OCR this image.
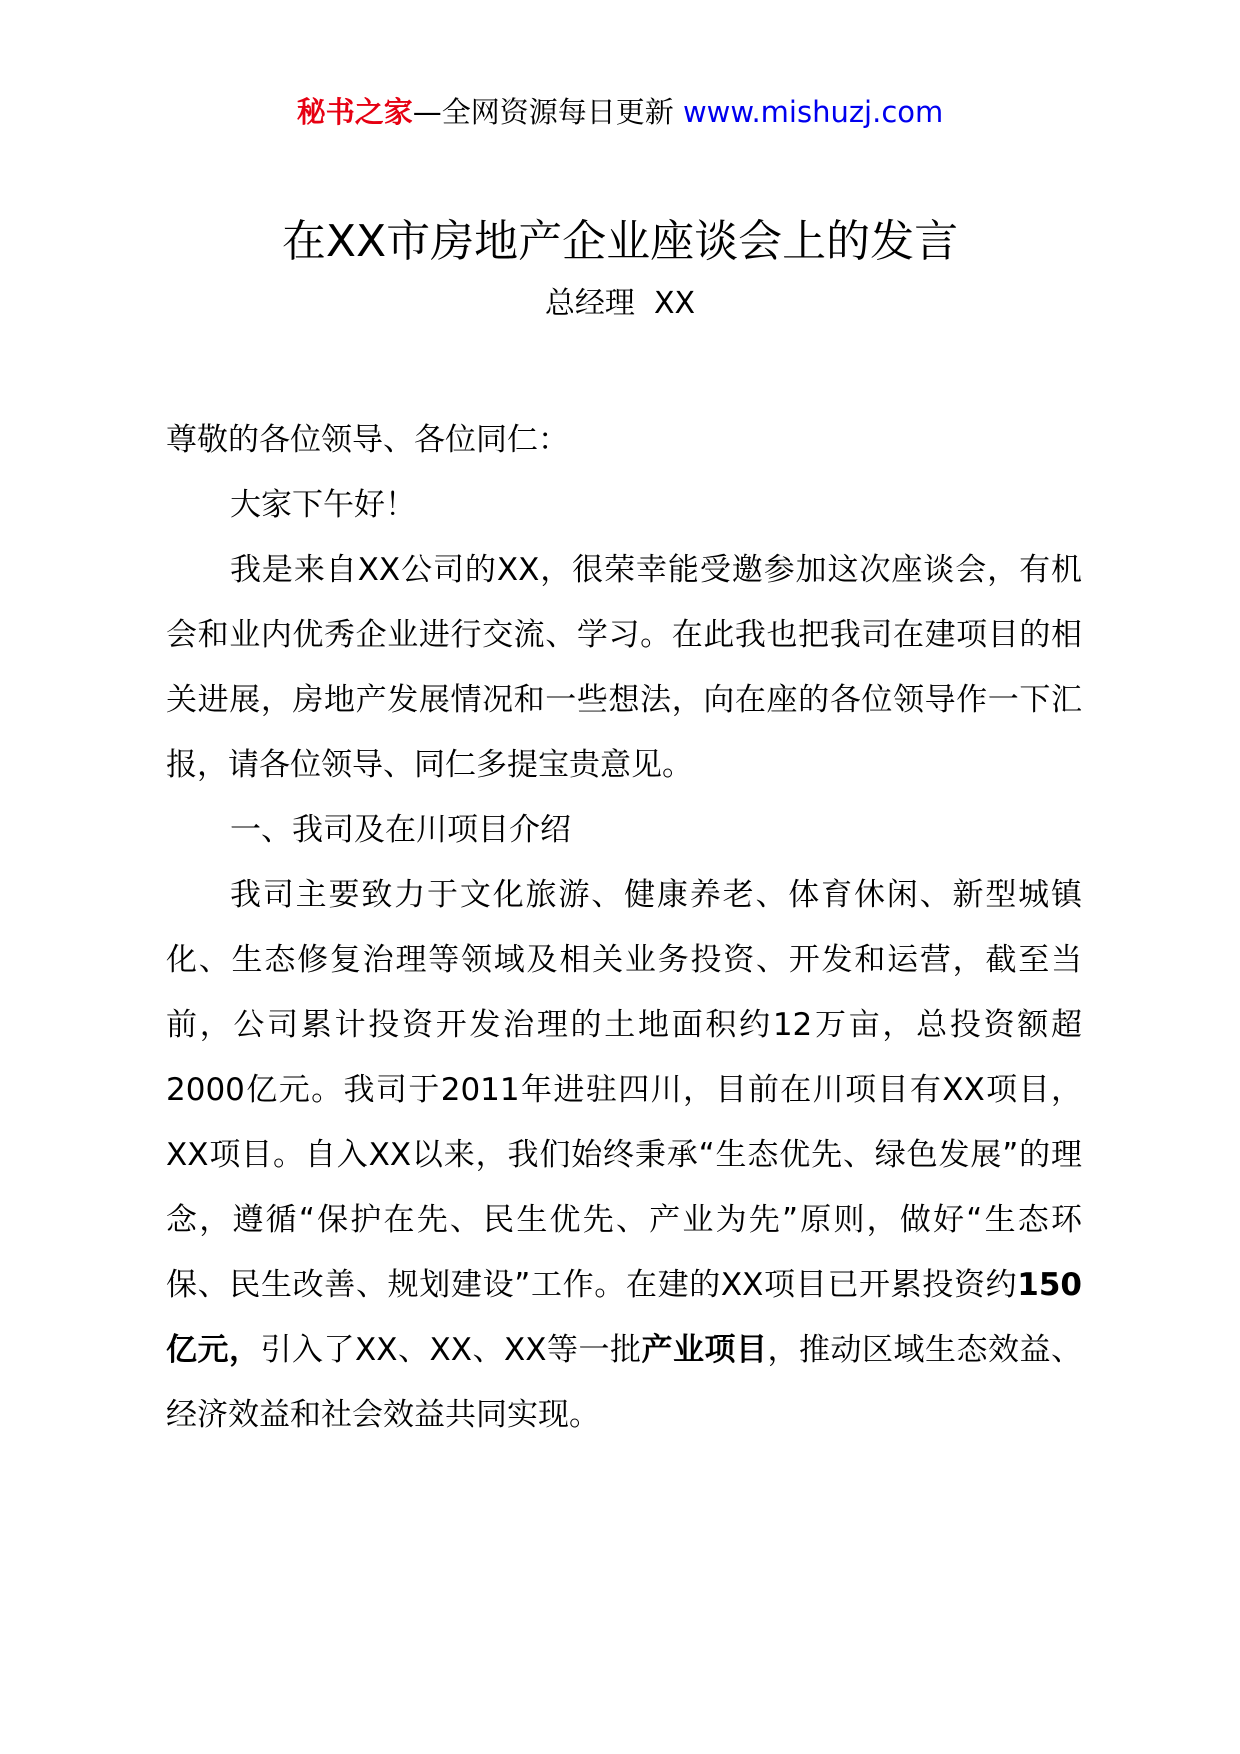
秘书之家—全网资源每日更新 www.mishuzj.com
在XX市房地产企业座谈会上的发言
总经理  XX

尊敬的各位领导、各位同仁：

大家下午好！

我是来自XX公司的XX，很荣幸能受邀参加这次座谈会，有机会和业内优秀企业进行交流、学习。在此我也把我司在建项目的相关进展，房地产发展情况和一些想法，向在座的各位领导作一下汇报，请各位领导、同仁多提宝贵意见。

一、我司及在川项目介绍

我司主要致力于文化旅游、健康养老、体育休闲、新型城镇化、生态修复治理等领域及相关业务投资、开发和运营，截至当前，公司累计投资开发治理的土地面积约12万亩，总投资额超2000亿元。我司于2011年进驻四川，目前在川项目有XX项目，XX项目。自入XX以来，我们始终秉承“生态优先、绿色发展”的理念，遵循“保护在先、民生优先、产业为先”原则，做好“生态环保、民生改善、规划建设”工作。在建的XX项目已开累投资约150亿元，引入了XX、XX、XX等一批产业项目，推动区域生态效益、经济效益和社会效益共同实现。
